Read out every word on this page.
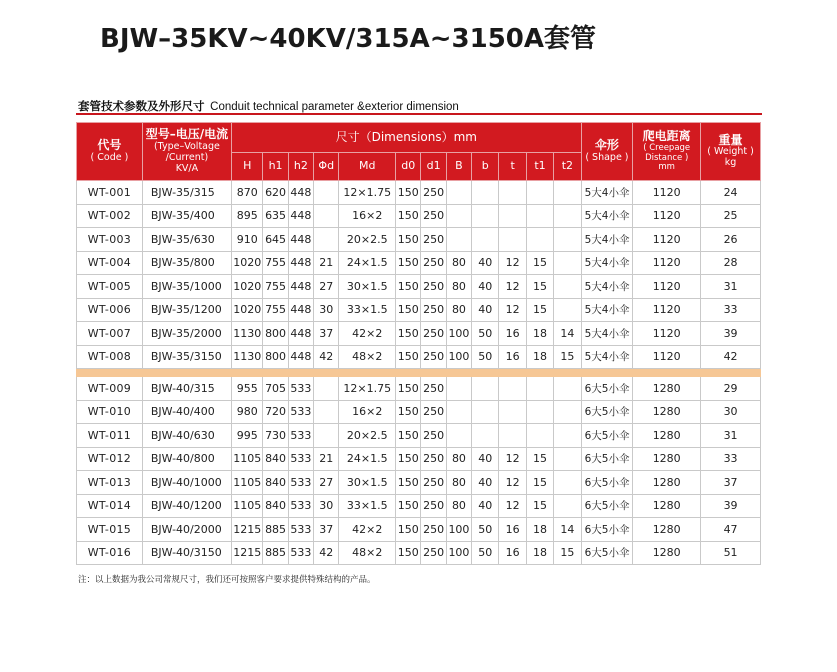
BJW–35KV~40KV/315A~3150A套管
套管技术参数及外形尺寸 Conduit technical parameter &exterior dimension
代号
( Code )	型号–电压/电流
(Type–Voltage
/Current)
KV/A	尺寸（Dimensions）mm												伞形
( Shape )	爬电距离
( Creepage
Distance )
mm	重量
( Weight )
kg

		H	h1	h2	Φd	Md	d0	d1	B	b	t	t1	t2			
WT-001	BJW-35/315	870	620	448		12×1.75	150	250						5大4小伞	1120	24
WT-002	BJW-35/400	895	635	448		16×2	150	250						5大4小伞	1120	25
WT-003	BJW-35/630	910	645	448		20×2.5	150	250						5大4小伞	1120	26
WT-004	BJW-35/800	1020	755	448	21	24×1.5	150	250	80	40	12	15		5大4小伞	1120	28
WT-005	BJW-35/1000	1020	755	448	27	30×1.5	150	250	80	40	12	15		5大4小伞	1120	31
WT-006	BJW-35/1200	1020	755	448	30	33×1.5	150	250	80	40	12	15		5大4小伞	1120	33
WT-007	BJW-35/2000	1130	800	448	37	42×2	150	250	100	50	16	18	14	5大4小伞	1120	39
WT-008	BJW-35/3150	1130	800	448	42	48×2	150	250	100	50	16	18	15	5大4小伞	1120	42

WT-009	BJW-40/315	955	705	533		12×1.75	150	250						6大5小伞	1280	29
WT-010	BJW-40/400	980	720	533		16×2	150	250						6大5小伞	1280	30
WT-011	BJW-40/630	995	730	533		20×2.5	150	250						6大5小伞	1280	31
WT-012	BJW-40/800	1105	840	533	21	24×1.5	150	250	80	40	12	15		6大5小伞	1280	33
WT-013	BJW-40/1000	1105	840	533	27	30×1.5	150	250	80	40	12	15		6大5小伞	1280	37
WT-014	BJW-40/1200	1105	840	533	30	33×1.5	150	250	80	40	12	15		6大5小伞	1280	39
WT-015	BJW-40/2000	1215	885	533	37	42×2	150	250	100	50	16	18	14	6大5小伞	1280	47
WT-016	BJW-40/3150	1215	885	533	42	48×2	150	250	100	50	16	18	15	6大5小伞	1280	51
注：以上数据为我公司常规尺寸，我们还可按照客户要求提供特殊结构的产品。
